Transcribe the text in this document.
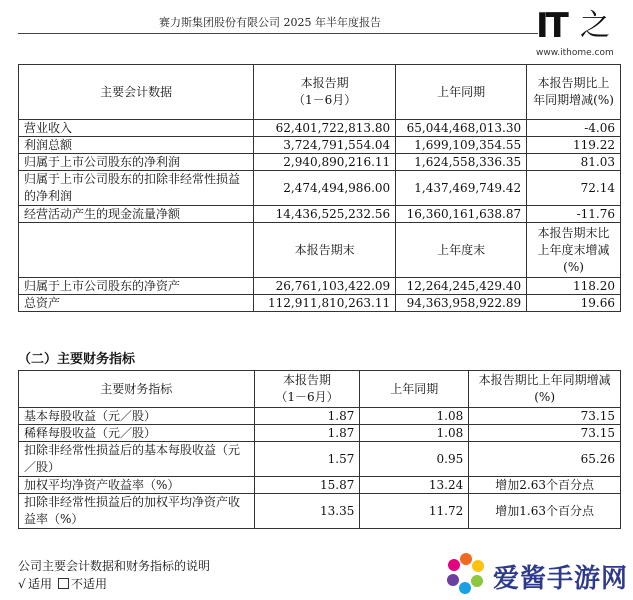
赛力斯集团股份有限公司 2025 年半年度报告	IT 之
www.ithome.com
主要会计数据	本报告期
（1－6月）	上年同期	本报告期比上年同期增减(%)
营业收入	62,401,722,813.80	65,044,468,013.30	-4.06
利润总额	3,724,791,554.04	1,699,109,354.55	119.22
归属于上市公司股东的净利润	2,940,890,216.11	1,624,558,336.35	81.03
归属于上市公司股东的扣除非经常性损益的净利润	2,474,494,986.00	1,437,469,749.42	72.14
经营活动产生的现金流量净额	14,436,525,232.56	16,360,161,638.87	-11.76
	本报告期末	上年度末	本报告期末比上年度末增减(%)
归属于上市公司股东的净资产	26,761,103,422.09	12,264,245,429.40	118.20
总资产	112,911,810,263.11	94,363,958,922.89	19.66
（二）主要财务指标
主要财务指标	本报告期
（1－6月）	上年同期	本报告期比上年同期增减(%)
基本每股收益（元／股）	1.87	1.08	73.15
稀释每股收益（元／股）	1.87	1.08	73.15
扣除非经常性损益后的基本每股收益（元／股）	1.57	0.95	65.26
加权平均净资产收益率（%）	15.87	13.24	增加2.63个百分点
扣除非经常性损益后的加权平均净资产收益率（%）	13.35	11.72	增加1.63个百分点
公司主要会计数据和财务指标的说明
√ 适用 不适用	爱酱手游网
